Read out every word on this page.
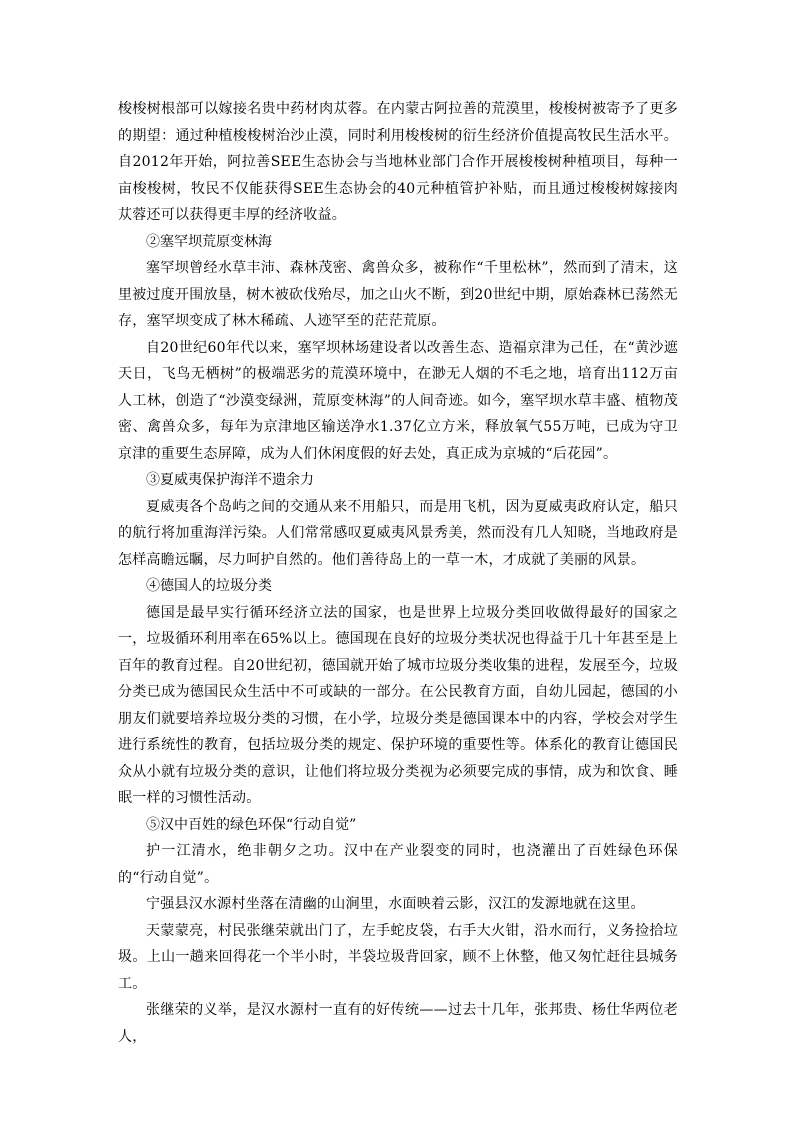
梭梭树根部可以嫁接名贵中药材肉苁蓉。在内蒙古阿拉善的荒漠里，梭梭树被寄予了更多的期望：通过种植梭梭树治沙止漠，同时利用梭梭树的衍生经济价值提高牧民生活水平。自2012年开始，阿拉善SEE生态协会与当地林业部门合作开展梭梭树种植项目，每种一亩梭梭树，牧民不仅能获得SEE生态协会的40元种植管护补贴，而且通过梭梭树嫁接肉苁蓉还可以获得更丰厚的经济收益。

②塞罕坝荒原变林海

塞罕坝曾经水草丰沛、森林茂密、禽兽众多，被称作“千里松林”，然而到了清末，这里被过度开围放垦，树木被砍伐殆尽，加之山火不断，到20世纪中期，原始森林已荡然无存，塞罕坝变成了林木稀疏、人迹罕至的茫茫荒原。

自20世纪60年代以来，塞罕坝林场建设者以改善生态、造福京津为己任，在“黄沙遮天日，飞鸟无栖树”的极端恶劣的荒漠环境中，在渺无人烟的不毛之地，培育出112万亩人工林，创造了“沙漠变绿洲，荒原变林海”的人间奇迹。如今，塞罕坝水草丰盛、植物茂密、禽兽众多，每年为京津地区输送净水1.37亿立方米，释放氧气55万吨，已成为守卫京津的重要生态屏障，成为人们休闲度假的好去处，真正成为京城的“后花园”。

③夏威夷保护海洋不遗余力

夏威夷各个岛屿之间的交通从来不用船只，而是用飞机，因为夏威夷政府认定，船只的航行将加重海洋污染。人们常常感叹夏威夷风景秀美，然而没有几人知晓，当地政府是怎样高瞻远瞩，尽力呵护自然的。他们善待岛上的一草一木，才成就了美丽的风景。

④德国人的垃圾分类

德国是最早实行循环经济立法的国家，也是世界上垃圾分类回收做得最好的国家之一，垃圾循环利用率在65%以上。德国现在良好的垃圾分类状况也得益于几十年甚至是上百年的教育过程。自20世纪初，德国就开始了城市垃圾分类收集的进程，发展至今，垃圾分类已成为德国民众生活中不可或缺的一部分。在公民教育方面，自幼儿园起，德国的小朋友们就要培养垃圾分类的习惯，在小学，垃圾分类是德国课本中的内容，学校会对学生进行系统性的教育，包括垃圾分类的规定、保护环境的重要性等。体系化的教育让德国民众从小就有垃圾分类的意识，让他们将垃圾分类视为必须要完成的事情，成为和饮食、睡眠一样的习惯性活动。

⑤汉中百姓的绿色环保“行动自觉”

护一江清水，绝非朝夕之功。汉中在产业裂变的同时，也浇灌出了百姓绿色环保的“行动自觉”。

宁强县汉水源村坐落在清幽的山涧里，水面映着云影，汉江的发源地就在这里。

天蒙蒙亮，村民张继荣就出门了，左手蛇皮袋，右手大火钳，沿水而行，义务捡拾垃圾。上山一趟来回得花一个半小时，半袋垃圾背回家，顾不上休整，他又匆忙赶往县城务工。

张继荣的义举，是汉水源村一直有的好传统——过去十几年，张邦贵、杨仕华两位老人，
